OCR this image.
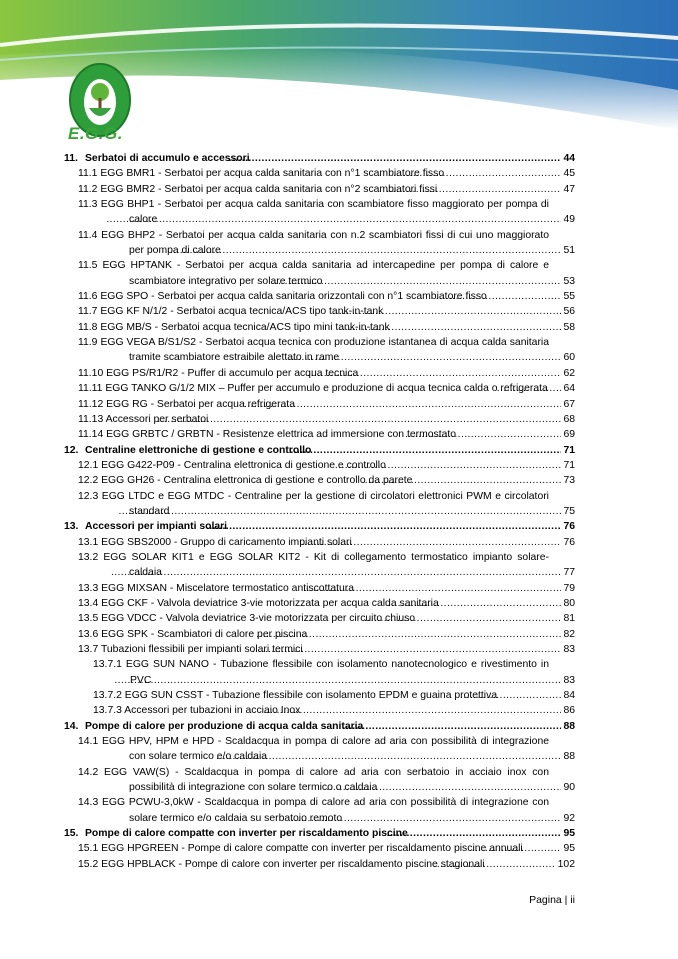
E.G.G.
11. Serbatoi di accumulo e accessori .....	44
11.1 EGG BMR1 - Serbatoi per acqua calda sanitaria con n°1 scambiatore fisso .....	45
11.2 EGG BMR2 - Serbatoi per acqua calda sanitaria con n°2 scambiatori fissi .....	47
11.3 EGG BHP1 - Serbatoi per acqua calda sanitaria con scambiatore fisso maggiorato per pompa di calore .....	49
11.4 EGG BHP2 - Serbatoi per acqua calda sanitaria con n.2 scambiatori fissi di cui uno maggiorato per pompa di calore .....	51
11.5 EGG HPTANK - Serbatoi per acqua calda sanitaria ad intercapedine per pompa di calore e scambiatore integrativo per solare termico .....	53
11.6 EGG SPO - Serbatoi per acqua calda sanitaria orizzontali con n°1 scambiatore fisso .....	55
11.7 EGG KF N/1/2 - Serbatoi acqua tecnica/ACS tipo tank-in-tank .....	56
11.8 EGG MB/S - Serbatoi acqua tecnica/ACS tipo mini tank-in-tank .....	58
11.9 EGG VEGA B/S1/S2 - Serbatoi acqua tecnica con produzione istantanea di acqua calda sanitaria tramite scambiatore estraibile alettato in rame .....	60
11.10 EGG PS/R1/R2 - Puffer di accumulo per acqua tecnica .....	62
11.11 EGG TANKO G/1/2 MIX – Puffer per accumulo e produzione di acqua tecnica calda o refrigerata ..... 64
11.12 EGG RG - Serbatoi per acqua refrigerata .....	67
11.13 Accessori per serbatoi .....	68
11.14 EGG GRBTC / GRBTN - Resistenze elettrica ad immersione con termostato .....	69
12. Centraline elettroniche di gestione e controllo .....	71
12.1 EGG G422-P09 - Centralina elettronica di gestione e controllo .....	71
12.2 EGG GH26 - Centralina elettronica di gestione e controllo da parete .....	73
12.3 EGG LTDC e EGG MTDC - Centraline per la gestione di circolatori elettronici PWM e circolatori standard .....	75
13. Accessori per impianti solari .....	76
13.1 EGG SBS2000 - Gruppo di caricamento impianti solari .....	76
13.2 EGG SOLAR KIT1 e EGG SOLAR KIT2 - Kit di collegamento termostatico impianto solare-caldaia .....	77
13.3 EGG MIXSAN - Miscelatore termostatico antiscottatura .....	79
13.4 EGG CKF - Valvola deviatrice 3-vie motorizzata per acqua calda sanitaria .....	80
13.5 EGG VDCC - Valvola deviatrice 3-vie motorizzata per circuito chiuso .....	81
13.6 EGG SPK - Scambiatori di calore per piscina .....	82
13.7 Tubazioni flessibili per impianti solari termici .....	83
13.7.1 EGG SUN NANO - Tubazione flessibile con isolamento nanotecnologico e rivestimento in PVC .....	83
13.7.2 EGG SUN CSST - Tubazione flessibile con isolamento EPDM e guaina protettiva .....	84
13.7.3 Accessori per tubazioni in acciaio Inox .....	86
14. Pompe di calore per produzione di acqua calda sanitaria .....	88
14.1 EGG HPV, HPM e HPD - Scaldacqua in pompa di calore ad aria con possibilità di integrazione con solare termico e/o caldaia .....	88
14.2 EGG VAW(S) - Scaldacqua in pompa di calore ad aria con serbatoio in acciaio inox con possibilità di integrazione con solare termico o caldaia .....	90
14.3 EGG PCWU-3,0kW - Scaldacqua in pompa di calore ad aria con possibilità di integrazione con solare termico e/o caldaia su serbatoio remoto .....	92
15. Pompe di calore compatte con inverter per riscaldamento piscine .....	95
15.1 EGG HPGREEN - Pompe di calore compatte con inverter per riscaldamento piscine annuali .....	95
15.2 EGG HPBLACK - Pompe di calore con inverter per riscaldamento piscine stagionali .....	102
Pagina | ii
